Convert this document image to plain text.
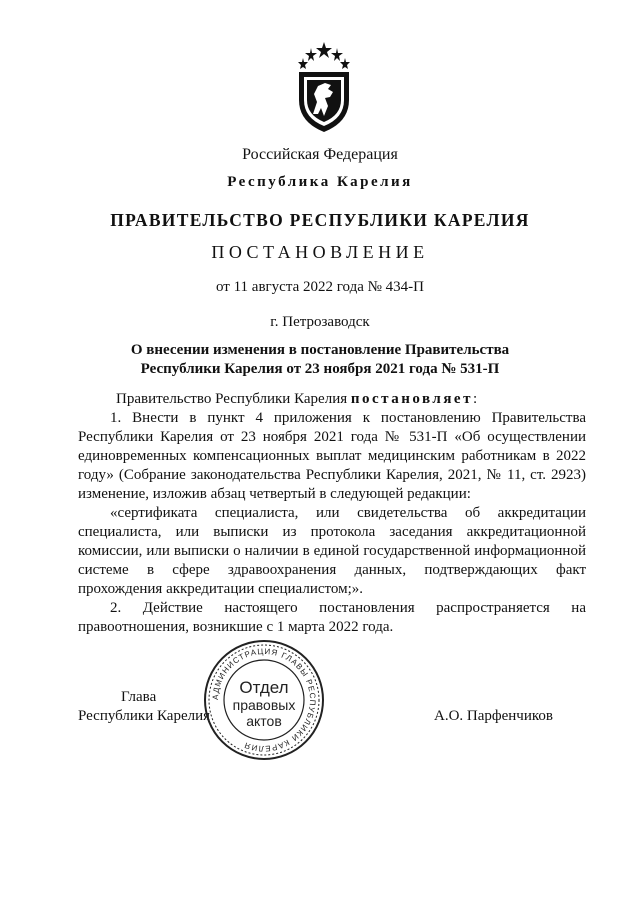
Российская Федерация
Республика Карелия
ПРАВИТЕЛЬСТВО РЕСПУБЛИКИ КАРЕЛИЯ
ПОСТАНОВЛЕНИЕ
от 11 августа 2022 года № 434-П
г. Петрозаводск
О внесении изменения в постановление Правительства
Республики Карелия от 23 ноября 2021 года № 531-П

Правительство Республики Карелия постановляет:

1. Внести в пункт 4 приложения к постановлению Правительства Республики Карелия от 23 ноября 2021 года № 531-П «Об осуществлении единовременных компенсационных выплат медицинским работникам в 2022 году» (Собрание законодательства Республики Карелия, 2021, № 11, ст. 2923) изменение, изложив абзац четвертый в следующей редакции:

«сертификата специалиста, или свидетельства об аккредитации специалиста, или выписки из протокола заседания аккредитационной комиссии, или выписки о наличии в единой государственной информационной системе в сфере здравоохранения данных, подтверждающих факт прохождения аккредитации специалистом;».

2. Действие настоящего постановления распространяется на правоотношения, возникшие с 1 марта 2022 года.

Глава
Республики Карелия	А.О. Парфенчиков
АДМИНИСТРАЦИЯ ГЛАВЫ РЕСПУБЛИКИ КАРЕЛИЯ
Отдел
правовых
актов
